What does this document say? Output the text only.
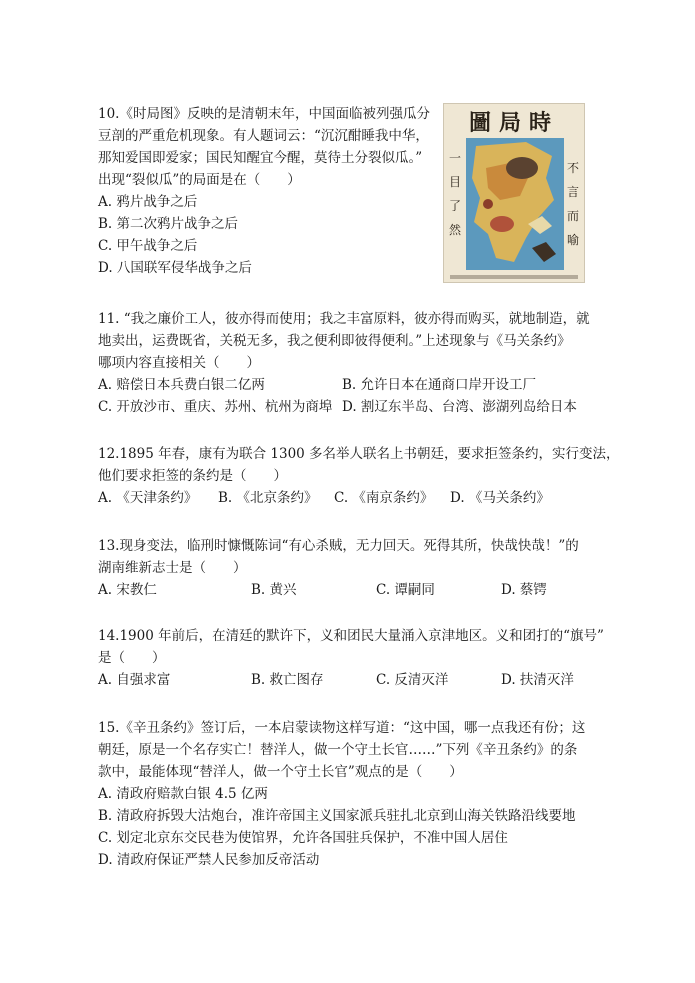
10.《时局图》反映的是清朝末年，中国面临被列强瓜分

豆剖的严重危机现象。有人题词云：“沉沉酣睡我中华，

那知爱国即爱家；国民知醒宜今醒，莫待土分裂似瓜。”

出现“裂似瓜”的局面是在（　　）

A. 鸦片战争之后

B. 第二次鸦片战争之后

C. 甲午战争之后

D. 八国联军侵华战争之后

圖局時
一目了然
不言而喻

11. “我之廉价工人，彼亦得而使用；我之丰富原料，彼亦得而购买，就地制造，就

地卖出，运费既省，关税无多，我之便利即彼得便利。”上述现象与《马关条约》

哪项内容直接相关（　　）

A. 赔偿日本兵费白银二亿两	B. 允许日本在通商口岸开设工厂
C. 开放沙市、重庆、苏州、杭州为商埠 D. 割辽东半岛、台湾、澎湖列岛给日本

12.1895 年春，康有为联合 1300 多名举人联名上书朝廷，要求拒签条约，实行变法，

他们要求拒签的条约是（　　）

A. 《天津条约》	B. 《北京条约》	C. 《南京条约》	D. 《马关条约》

13.现身变法，临刑时慷慨陈词“有心杀贼，无力回天。死得其所，快哉快哉！”的

湖南维新志士是（　　）

A. 宋教仁	B. 黄兴	C. 谭嗣同	D. 蔡锷

14.1900 年前后，在清廷的默许下，义和团民大量涌入京津地区。义和团打的“旗号”

是（　　）

A. 自强求富	B. 救亡图存	C. 反清灭洋	D. 扶清灭洋

15.《辛丑条约》签订后，一本启蒙读物这样写道：“这中国，哪一点我还有份；这

朝廷，原是一个名存实亡！替洋人，做一个守土长官……”下列《辛丑条约》的条

款中，最能体现“替洋人，做一个守土长官”观点的是（　　）

A. 清政府赔款白银 4.5 亿两

B. 清政府拆毁大沽炮台，准许帝国主义国家派兵驻扎北京到山海关铁路沿线要地

C. 划定北京东交民巷为使馆界，允许各国驻兵保护，不准中国人居住

D. 清政府保证严禁人民参加反帝活动
